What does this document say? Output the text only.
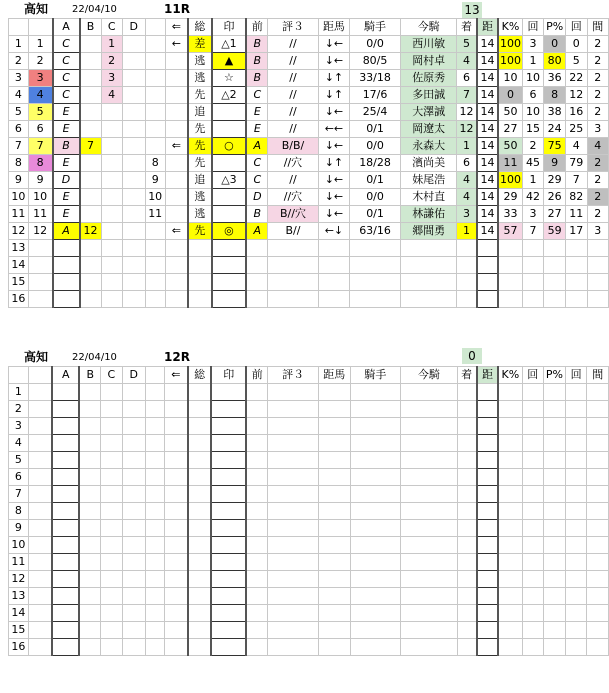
高知 22/04/10	11R	13
		A	B	C	D		⇐	総	印	前	評３	距馬	騎手	今騎	着	距	K%	回	P%	回	間
1	1	C		1			←	差	△1	B	//	↓←	0/0	西川敏	5	14	100	3	0	0	2
2	2	C		2				逃	▲	B	//	↓←	80/5	岡村卓	4	14	100	1	80	5	2
3	3	C		3				逃	☆	B	//	↓↑	33/18	佐原秀	6	14	10	10	36	22	2
4	4	C		4				先	△2	C	//	↓↑	17/6	多田誠	7	14	0	6	8	12	2
5	5	E						追		E	//	↓←	25/4	大澤誠	12	14	50	10	38	16	2
6	6	E						先		E	//	←←	0/1	岡遼太	12	14	27	15	24	25	3
7	7	B	7				⇐	先	○	A	B/B/	↓←	0/0	永森大	1	14	50	2	75	4	4
8	8	E				8		先		C	//穴	↓↑	18/28	濱尚美	6	14	11	45	9	79	2
9	9	D				9		追	△3	C	//	↓←	0/1	妹尾浩	4	14	100	1	29	7	2
10	10	E				10		逃		D	//穴	↓←	0/0	木村直	4	14	29	42	26	82	2
11	11	E				11		逃		B	B//穴	↓←	0/1	林謙佑	3	14	33	3	27	11	2
12	12	A	12				⇐	先	◎	A	B//	←↓	63/16	郷間勇	1	14	57	7	59	17	3
13																					
14																					
15																					
16																					
高知 22/04/10	12R	0
		A	B	C	D		⇐	総	印	前	評３	距馬	騎手	今騎	着	距	K%	回	P%	回	間
1																					
2																					
3																					
4																					
5																					
6																					
7																					
8																					
9																					
10																					
11																					
12																					
13																					
14																					
15																					
16																					
